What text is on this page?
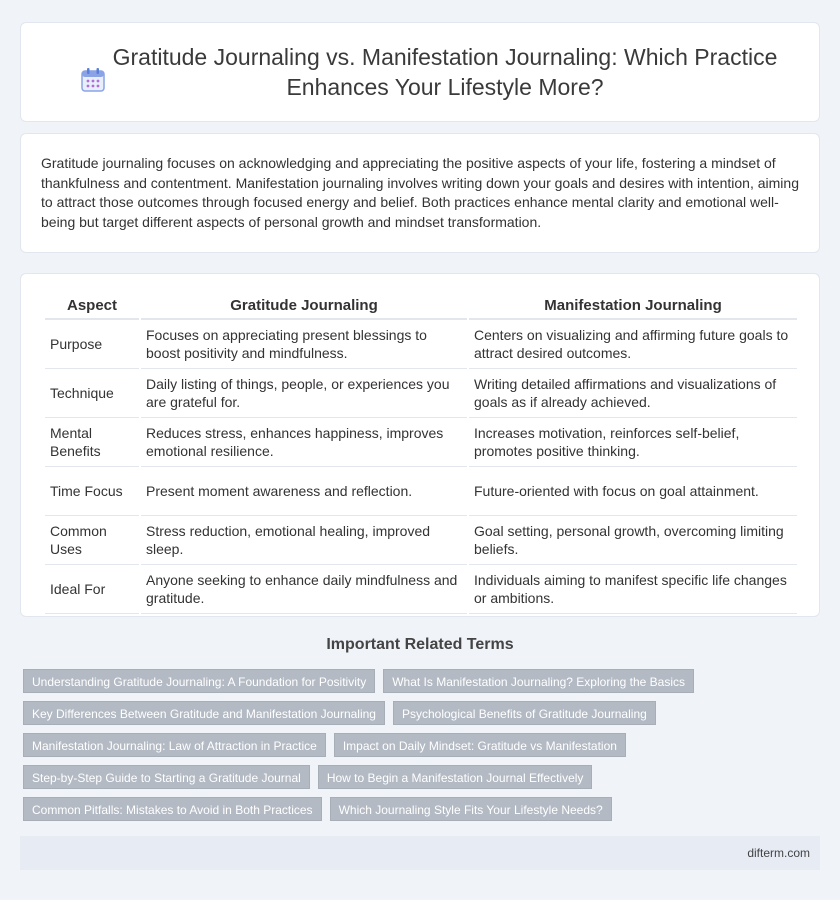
Gratitude Journaling vs. Manifestation Journaling: Which Practice Enhances Your Lifestyle More?

Gratitude journaling focuses on acknowledging and appreciating the positive aspects of your life, fostering a mindset of thankfulness and contentment. Manifestation journaling involves writing down your goals and desires with intention, aiming to attract those outcomes through focused energy and belief. Both practices enhance mental clarity and emotional well-being but target different aspects of personal growth and mindset transformation.

Aspect	Gratitude Journaling	Manifestation Journaling
Purpose	Focuses on appreciating present blessings to boost positivity and mindfulness.	Centers on visualizing and affirming future goals to attract desired outcomes.
Technique	Daily listing of things, people, or experiences you are grateful for.	Writing detailed affirmations and visualizations of goals as if already achieved.
Mental Benefits	Reduces stress, enhances happiness, improves emotional resilience.	Increases motivation, reinforces self-belief, promotes positive thinking.
Time Focus	Present moment awareness and reflection.	Future-oriented with focus on goal attainment.
Common Uses	Stress reduction, emotional healing, improved sleep.	Goal setting, personal growth, overcoming limiting beliefs.
Ideal For	Anyone seeking to enhance daily mindfulness and gratitude.	Individuals aiming to manifest specific life changes or ambitions.
Important Related Terms
Understanding Gratitude Journaling: A Foundation for Positivity	What Is Manifestation Journaling? Exploring the Basics
Key Differences Between Gratitude and Manifestation Journaling	Psychological Benefits of Gratitude Journaling
Manifestation Journaling: Law of Attraction in Practice	Impact on Daily Mindset: Gratitude vs Manifestation
Step-by-Step Guide to Starting a Gratitude Journal	How to Begin a Manifestation Journal Effectively
Common Pitfalls: Mistakes to Avoid in Both Practices	Which Journaling Style Fits Your Lifestyle Needs?
difterm.com
